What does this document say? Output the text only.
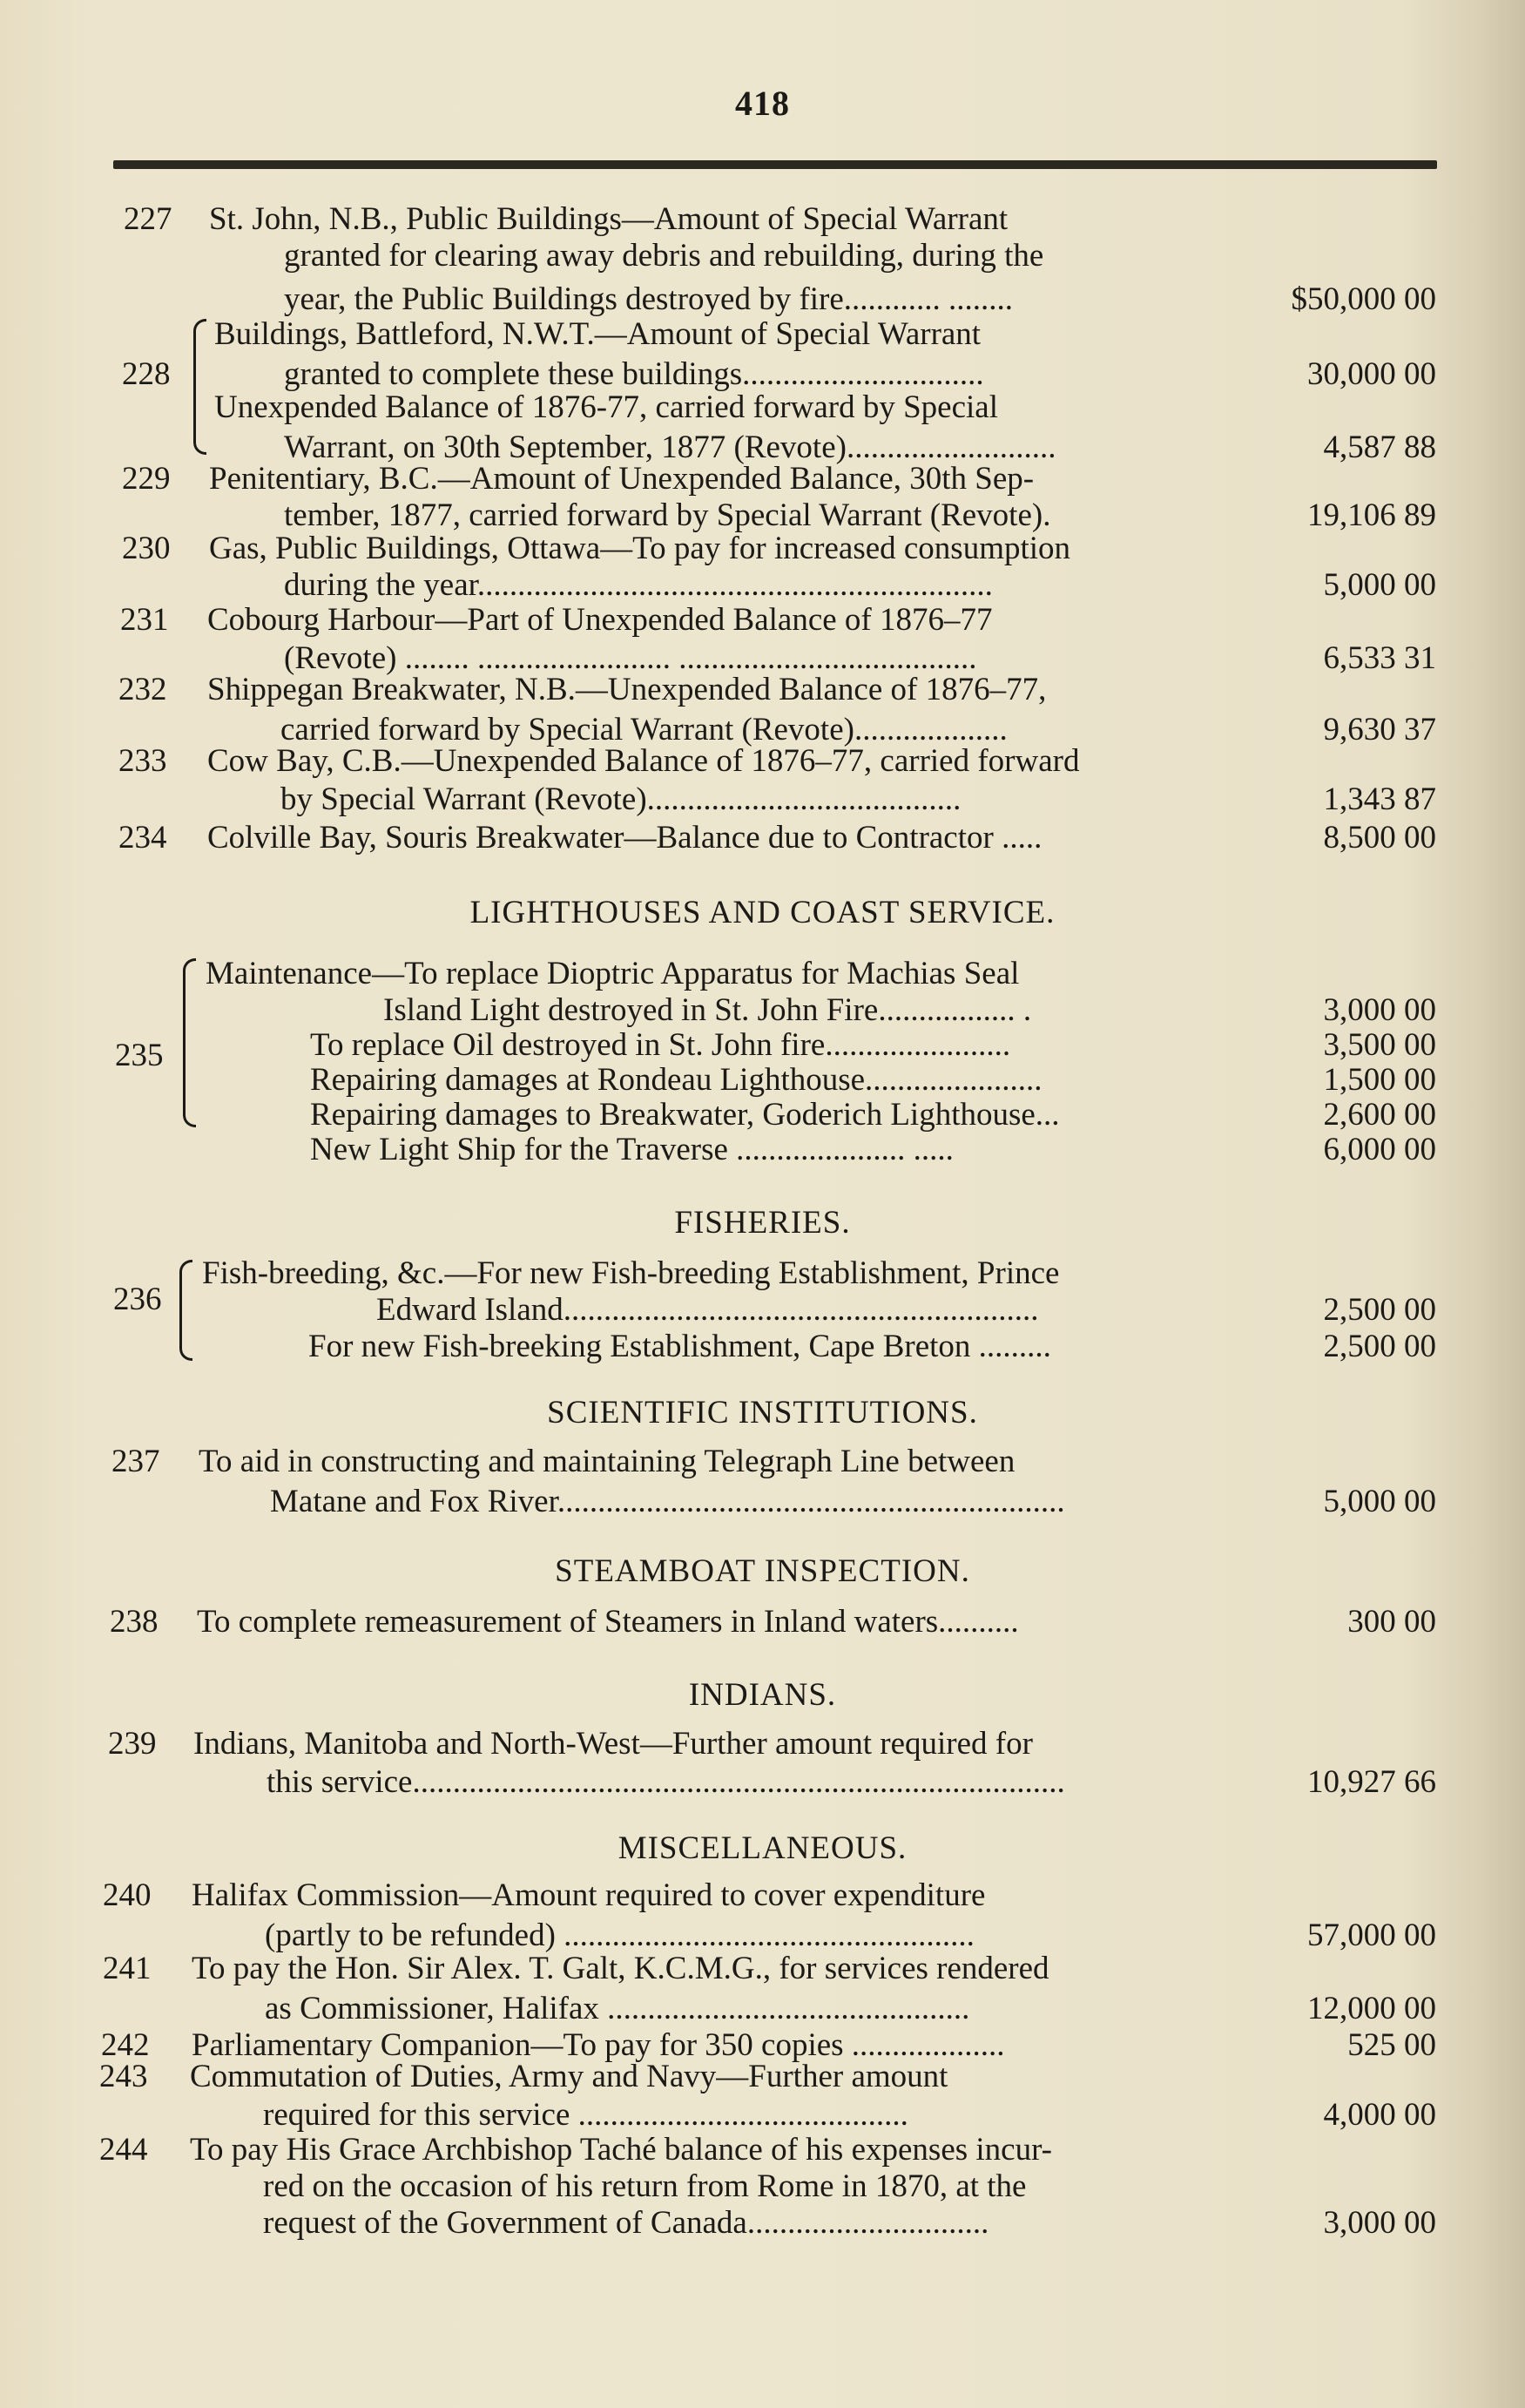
418
227	St. John, N.B., Public Buildings—Amount of Special Warrant
granted for clearing away debris and rebuilding, during the
year, the Public Buildings destroyed by fire............ ........	$50,000 00
Buildings, Battleford, N.W.T.—Amount of Special Warrant
228	granted to complete these buildings..............................	30,000 00
Unexpended Balance of 1876-77, carried forward by Special
Warrant, on 30th September, 1877 (Revote)..........................	4,587 88
229	Penitentiary, B.C.—Amount of Unexpended Balance, 30th Sep-
tember, 1877, carried forward by Special Warrant (Revote).	19,106 89
230	Gas, Public Buildings, Ottawa—To pay for increased consumption
during the year................................................................	5,000 00
231	Cobourg Harbour—Part of Unexpended Balance of 1876–77
(Revote) ........ ........................ .....................................	6,533 31
232	Shippegan Breakwater, N.B.—Unexpended Balance of 1876–77,
carried forward by Special Warrant (Revote)...................	9,630 37
233	Cow Bay, C.B.—Unexpended Balance of 1876–77, carried forward
by Special Warrant (Revote).......................................	1,343 87
234	Colville Bay, Souris Breakwater—Balance due to Contractor .....	8,500 00
LIGHTHOUSES AND COAST SERVICE.
235
Maintenance—To replace Dioptric Apparatus for Machias Seal
Island Light destroyed in St. John Fire................. .	3,000 00
To replace Oil destroyed in St. John fire.......................	3,500 00
Repairing damages at Rondeau Lighthouse......................	1,500 00
Repairing damages to Breakwater, Goderich Lighthouse...	2,600 00
New Light Ship for the Traverse ..................... .....	6,000 00
FISHERIES.
236
Fish-breeding, &c.—For new Fish-breeding Establishment, Prince
Edward Island...........................................................	2,500 00
For new Fish-breeking Establishment, Cape Breton .........	2,500 00
SCIENTIFIC INSTITUTIONS.
237	To aid in constructing and maintaining Telegraph Line between
Matane and Fox River...............................................................	5,000 00
STEAMBOAT INSPECTION.
238	To complete remeasurement of Steamers in Inland waters..........	300 00
INDIANS.
239	Indians, Manitoba and North-West—Further amount required for
this service.................................................................................	10,927 66
MISCELLANEOUS.
240	Halifax Commission—Amount required to cover expenditure
(partly to be refunded) ...................................................	57,000 00
241	To pay the Hon. Sir Alex. T. Galt, K.C.M.G., for services rendered
as Commissioner, Halifax .............................................	12,000 00
242	Parliamentary Companion—To pay for 350 copies ...................	525 00
243	Commutation of Duties, Army and Navy—Further amount
required for this service .........................................	4,000 00
244	To pay His Grace Archbishop Taché balance of his expenses incur-
red on the occasion of his return from Rome in 1870, at the
request of the Government of Canada..............................	3,000 00
